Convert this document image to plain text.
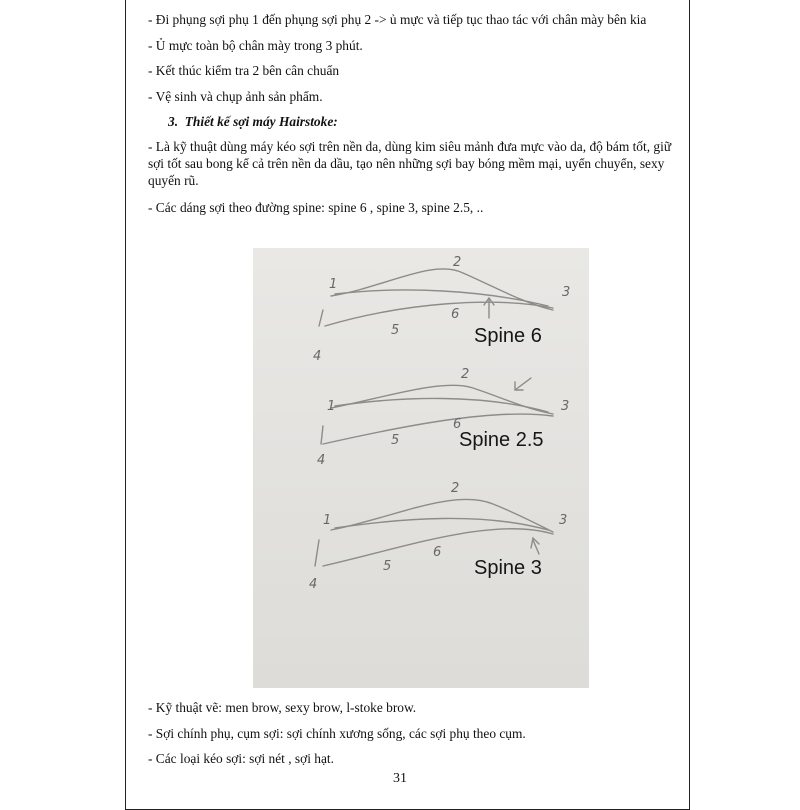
- Đi phụng sợi phụ 1 đến phụng sợi phụ 2 -> ủ mực và tiếp tục thao tác với chân mày bên kia
- Ủ mực toàn bộ chân mày trong 3 phút.
- Kết thúc kiểm tra 2 bên cân chuẩn
- Vệ sinh và chụp ảnh sản phẩm.
3. Thiết kế sợi máy Hairstoke:
- Là kỹ thuật dùng máy kéo sợi trên nền da, dùng kim siêu mảnh đưa mực vào da, độ bám tốt, giữ sợi tốt sau bong kể cả trên nền da dầu, tạo nên những sợi bay bóng mềm mại, uyển chuyển, sexy quyến rũ.
- Các dáng sợi theo đường spine: spine 6 , spine 3, spine 2.5, ..
1
2
3
4
5
6
1
2
3
4
5
6
1
2
3
4
5
6
Spine 6
Spine 2.5
Spine 3
- Kỹ thuật vẽ: men brow, sexy brow, l-stoke brow.
- Sợi chính phụ, cụm sợi: sợi chính xương sống, các sợi phụ theo cụm.
- Các loại kéo sợi: sợi nét , sợi hạt.
31
